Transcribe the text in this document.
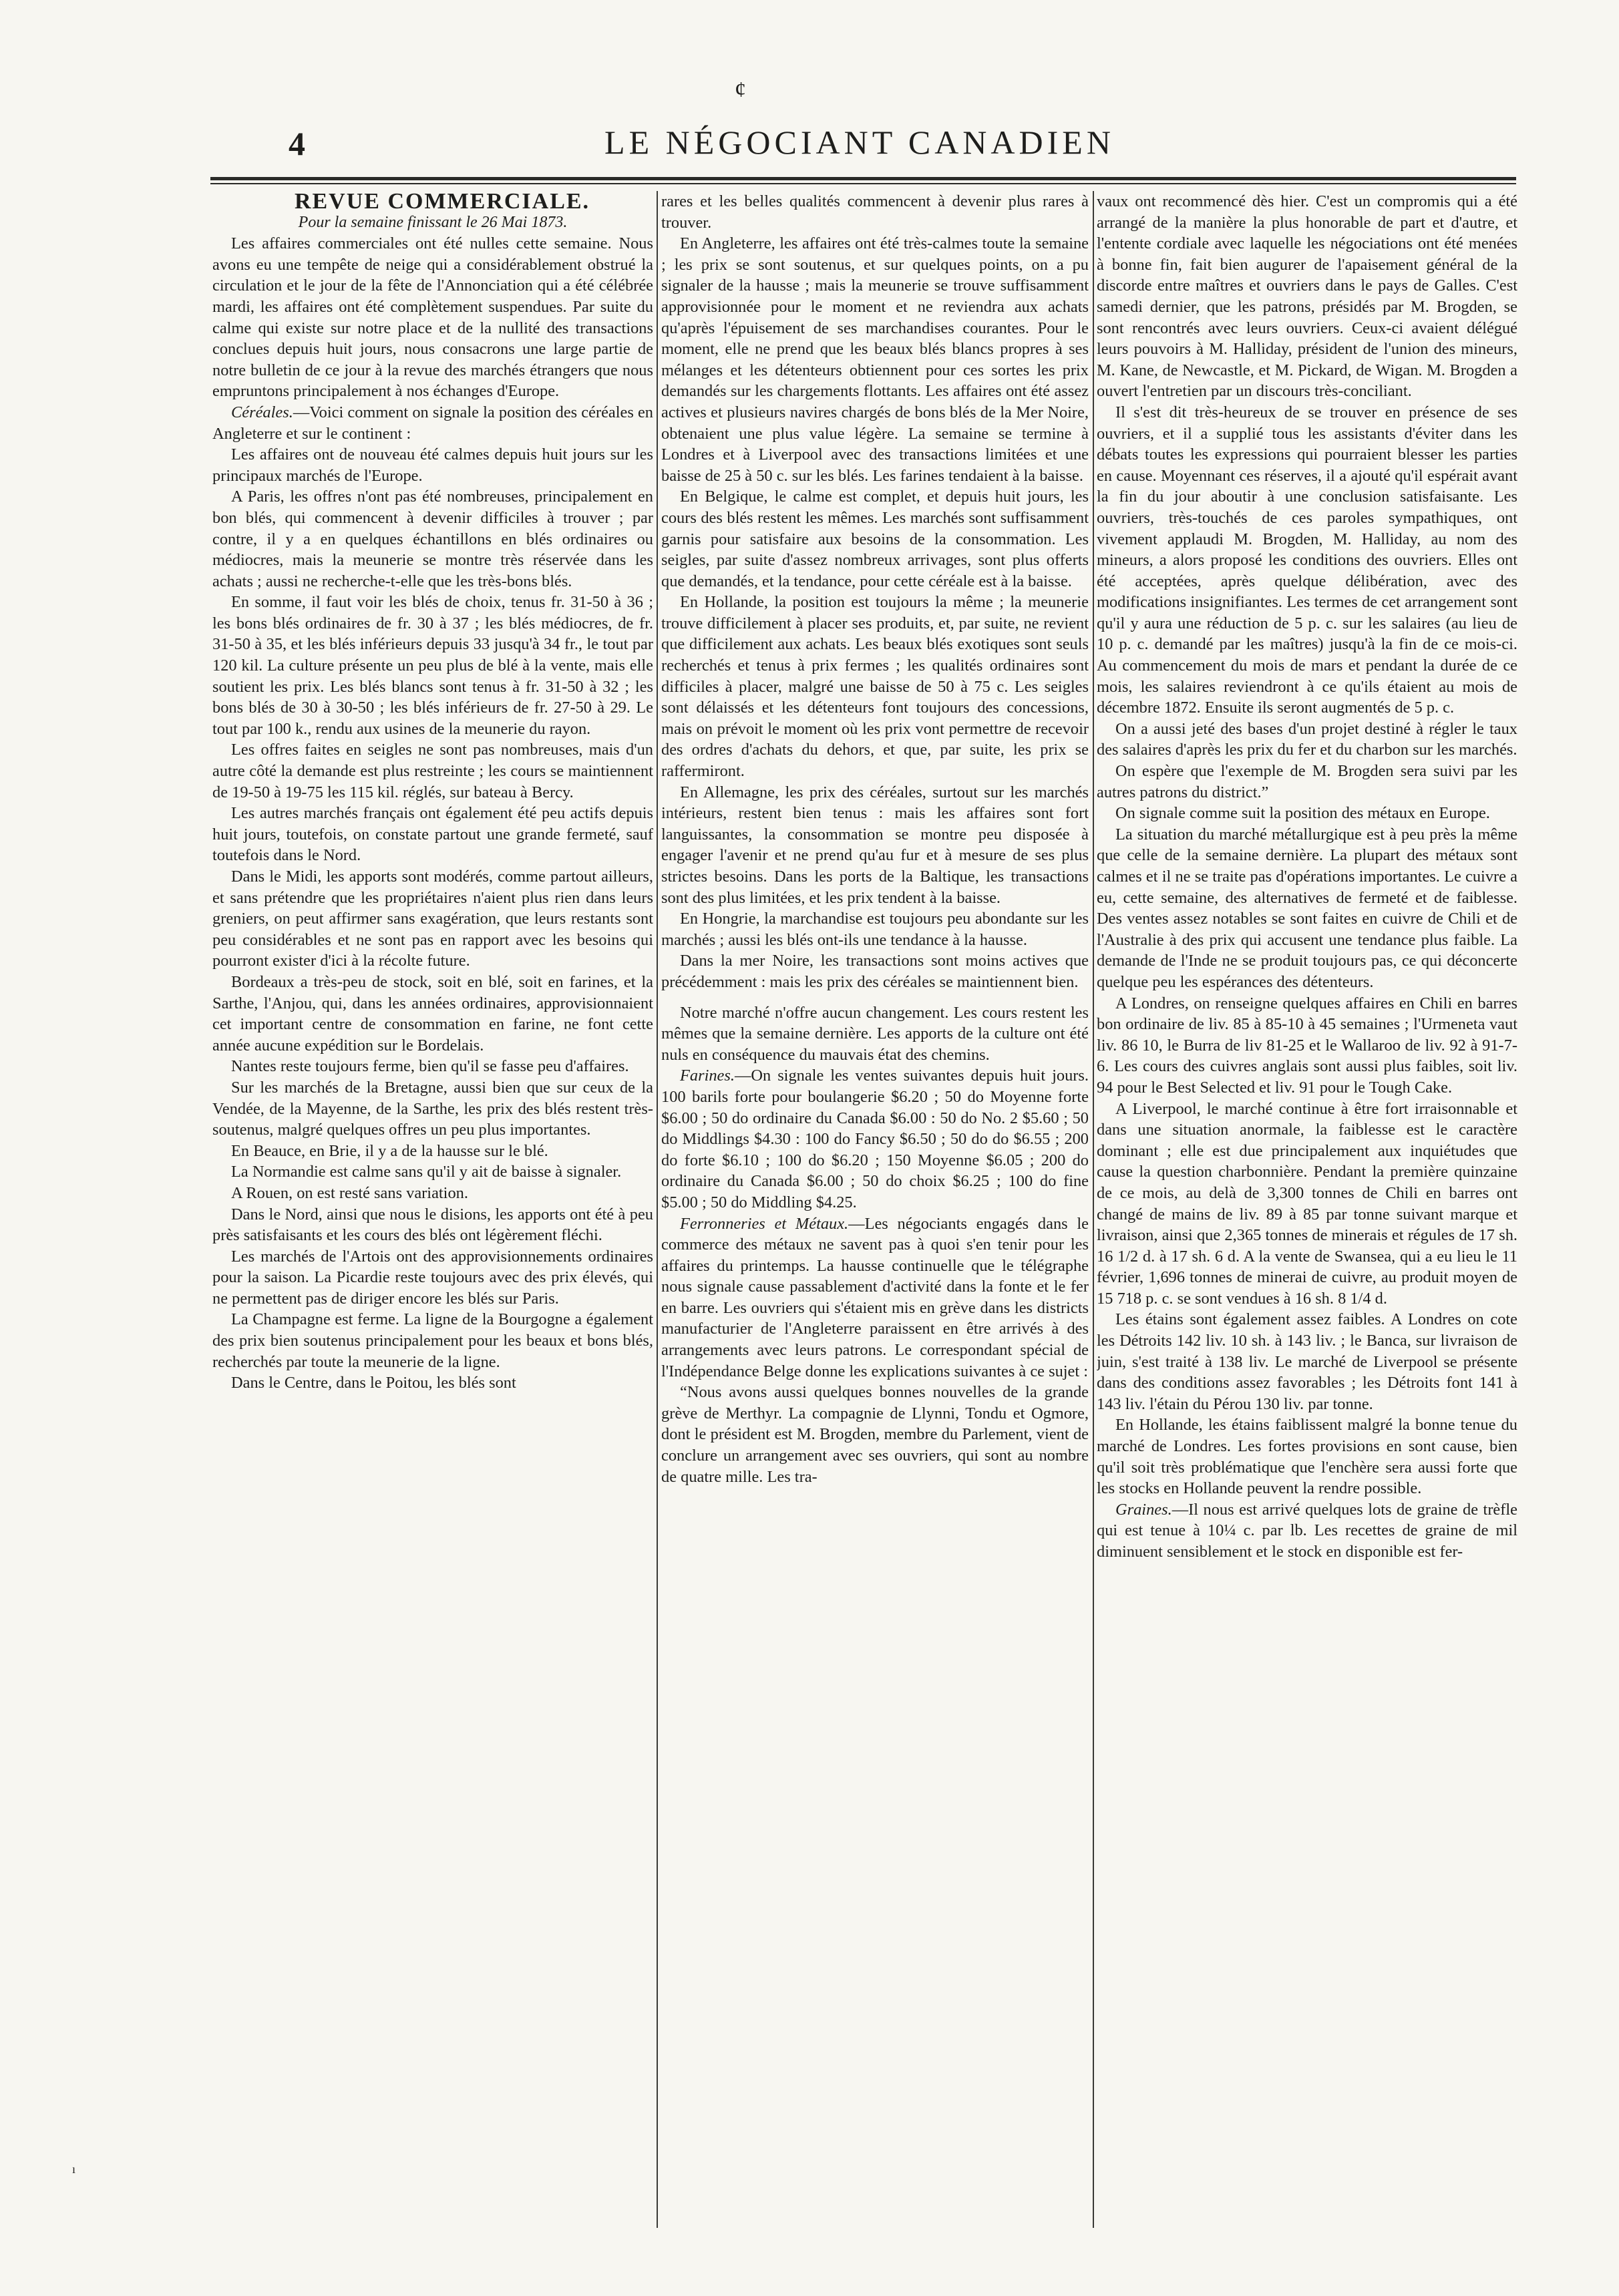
4
¢
LE NÉGOCIANT CANADIEN

REVUE COMMERCIALE.

Pour la semaine finissant le 26 Mai 1873.

Les affaires commerciales ont été nulles cette semaine. Nous avons eu une tempête de neige qui a considérablement obstrué la circulation et le jour de la fête de l'Annonciation qui a été célébrée mardi, les affaires ont été complètement suspendues. Par suite du calme qui existe sur notre place et de la nullité des transactions conclues depuis huit jours, nous consacrons une large partie de notre bulletin de ce jour à la revue des marchés étrangers que nous empruntons principalement à nos échanges d'Europe.

Céréales.—Voici comment on signale la position des céréales en Angleterre et sur le continent :

Les affaires ont de nouveau été calmes depuis huit jours sur les principaux marchés de l'Europe.

A Paris, les offres n'ont pas été nombreuses, principalement en bon blés, qui commencent à devenir difficiles à trouver ; par contre, il y a en quelques échantillons en blés ordinaires ou médiocres, mais la meunerie se montre très réservée dans les achats ; aussi ne recherche-t-elle que les très-bons blés.

En somme, il faut voir les blés de choix, tenus fr. 31-50 à 36 ; les bons blés ordinaires de fr. 30 à 37 ; les blés médiocres, de fr. 31-50 à 35, et les blés inférieurs depuis 33 jusqu'à 34 fr., le tout par 120 kil. La culture présente un peu plus de blé à la vente, mais elle soutient les prix. Les blés blancs sont tenus à fr. 31-50 à 32 ; les bons blés de 30 à 30-50 ; les blés inférieurs de fr. 27-50 à 29. Le tout par 100 k., rendu aux usines de la meunerie du rayon.

Les offres faites en seigles ne sont pas nombreuses, mais d'un autre côté la demande est plus restreinte ; les cours se maintiennent de 19-50 à 19-75 les 115 kil. réglés, sur bateau à Bercy.

Les autres marchés français ont également été peu actifs depuis huit jours, toutefois, on constate partout une grande fermeté, sauf toutefois dans le Nord.

Dans le Midi, les apports sont modérés, comme partout ailleurs, et sans prétendre que les propriétaires n'aient plus rien dans leurs greniers, on peut affirmer sans exagération, que leurs restants sont peu considérables et ne sont pas en rapport avec les besoins qui pourront exister d'ici à la récolte future.

Bordeaux a très-peu de stock, soit en blé, soit en farines, et la Sarthe, l'Anjou, qui, dans les années ordinaires, approvisionnaient cet important centre de consommation en farine, ne font cette année aucune expédition sur le Bordelais.

Nantes reste toujours ferme, bien qu'il se fasse peu d'affaires.

Sur les marchés de la Bretagne, aussi bien que sur ceux de la Vendée, de la Mayenne, de la Sarthe, les prix des blés restent très-soutenus, malgré quelques offres un peu plus importantes.

En Beauce, en Brie, il y a de la hausse sur le blé.

La Normandie est calme sans qu'il y ait de baisse à signaler.

A Rouen, on est resté sans variation.

Dans le Nord, ainsi que nous le disions, les apports ont été à peu près satisfaisants et les cours des blés ont légèrement fléchi.

Les marchés de l'Artois ont des approvisionnements ordinaires pour la saison. La Picardie reste toujours avec des prix élevés, qui ne permettent pas de diriger encore les blés sur Paris.

La Champagne est ferme. La ligne de la Bourgogne a également des prix bien soutenus principalement pour les beaux et bons blés, recherchés par toute la meunerie de la ligne.

Dans le Centre, dans le Poitou, les blés sont

rares et les belles qualités commencent à devenir plus rares à trouver.

En Angleterre, les affaires ont été très-calmes toute la semaine ; les prix se sont soutenus, et sur quelques points, on a pu signaler de la hausse ; mais la meunerie se trouve suffisamment approvisionnée pour le moment et ne reviendra aux achats qu'après l'épuisement de ses marchandises courantes. Pour le moment, elle ne prend que les beaux blés blancs propres à ses mélanges et les détenteurs obtiennent pour ces sortes les prix demandés sur les chargements flottants. Les affaires ont été assez actives et plusieurs navires chargés de bons blés de la Mer Noire, obtenaient une plus value légère. La semaine se termine à Londres et à Liverpool avec des transactions limitées et une baisse de 25 à 50 c. sur les blés. Les farines tendaient à la baisse.

En Belgique, le calme est complet, et depuis huit jours, les cours des blés restent les mêmes. Les marchés sont suffisamment garnis pour satisfaire aux besoins de la consommation. Les seigles, par suite d'assez nombreux arrivages, sont plus offerts que demandés, et la tendance, pour cette céréale est à la baisse.

En Hollande, la position est toujours la même ; la meunerie trouve difficilement à placer ses produits, et, par suite, ne revient que difficilement aux achats. Les beaux blés exotiques sont seuls recherchés et tenus à prix fermes ; les qualités ordinaires sont difficiles à placer, malgré une baisse de 50 à 75 c. Les seigles sont délaissés et les détenteurs font toujours des concessions, mais on prévoit le moment où les prix vont permettre de recevoir des ordres d'achats du dehors, et que, par suite, les prix se raffermiront.

En Allemagne, les prix des céréales, surtout sur les marchés intérieurs, restent bien tenus : mais les affaires sont fort languissantes, la consommation se montre peu disposée à engager l'avenir et ne prend qu'au fur et à mesure de ses plus strictes besoins. Dans les ports de la Baltique, les transactions sont des plus limitées, et les prix tendent à la baisse.

En Hongrie, la marchandise est toujours peu abondante sur les marchés ; aussi les blés ont-ils une tendance à la hausse.

Dans la mer Noire, les transactions sont moins actives que précédemment : mais les prix des céréales se maintiennent bien.

Notre marché n'offre aucun changement. Les cours restent les mêmes que la semaine dernière. Les apports de la culture ont été nuls en conséquence du mauvais état des chemins.

Farines.—On signale les ventes suivantes depuis huit jours. 100 barils forte pour boulangerie $6.20 ; 50 do Moyenne forte $6.00 ; 50 do ordinaire du Canada $6.00 : 50 do No. 2 $5.60 ; 50 do Middlings $4.30 : 100 do Fancy $6.50 ; 50 do do $6.55 ; 200 do forte $6.10 ; 100 do $6.20 ; 150 Moyenne $6.05 ; 200 do ordinaire du Canada $6.00 ; 50 do choix $6.25 ; 100 do fine $5.00 ; 50 do Middling $4.25.

Ferronneries et Métaux.—Les négociants engagés dans le commerce des métaux ne savent pas à quoi s'en tenir pour les affaires du printemps. La hausse continuelle que le télégraphe nous signale cause passablement d'activité dans la fonte et le fer en barre. Les ouvriers qui s'étaient mis en grève dans les districts manufacturier de l'Angleterre paraissent en être arrivés à des arrangements avec leurs patrons. Le correspondant spécial de l'Indépendance Belge donne les explications suivantes à ce sujet :

“Nous avons aussi quelques bonnes nouvelles de la grande grève de Merthyr. La compagnie de Llynni, Tondu et Ogmore, dont le président est M. Brogden, membre du Parlement, vient de conclure un arrangement avec ses ouvriers, qui sont au nombre de quatre mille. Les tra-

vaux ont recommencé dès hier. C'est un compromis qui a été arrangé de la manière la plus honorable de part et d'autre, et l'entente cordiale avec laquelle les négociations ont été menées à bonne fin, fait bien augurer de l'apaisement général de la discorde entre maîtres et ouvriers dans le pays de Galles. C'est samedi dernier, que les patrons, présidés par M. Brogden, se sont rencontrés avec leurs ouvriers. Ceux-ci avaient délégué leurs pouvoirs à M. Halliday, président de l'union des mineurs, M. Kane, de Newcastle, et M. Pickard, de Wigan. M. Brogden a ouvert l'entretien par un discours très-conciliant.

Il s'est dit très-heureux de se trouver en présence de ses ouvriers, et il a supplié tous les assistants d'éviter dans les débats toutes les expressions qui pourraient blesser les parties en cause. Moyennant ces réserves, il a ajouté qu'il espérait avant la fin du jour aboutir à une conclusion satisfaisante. Les ouvriers, très-touchés de ces paroles sympathiques, ont vivement applaudi M. Brogden, M. Halliday, au nom des mineurs, a alors proposé les conditions des ouvriers. Elles ont été acceptées, après quelque délibération, avec des modifications insignifiantes. Les termes de cet arrangement sont qu'il y aura une réduction de 5 p. c. sur les salaires (au lieu de 10 p. c. demandé par les maîtres) jusqu'à la fin de ce mois-ci. Au commencement du mois de mars et pendant la durée de ce mois, les salaires reviendront à ce qu'ils étaient au mois de décembre 1872. Ensuite ils seront augmentés de 5 p. c.

On a aussi jeté des bases d'un projet destiné à régler le taux des salaires d'après les prix du fer et du charbon sur les marchés.

On espère que l'exemple de M. Brogden sera suivi par les autres patrons du district.”

On signale comme suit la position des métaux en Europe.

La situation du marché métallurgique est à peu près la même que celle de la semaine dernière. La plupart des métaux sont calmes et il ne se traite pas d'opérations importantes. Le cuivre a eu, cette semaine, des alternatives de fermeté et de faiblesse. Des ventes assez notables se sont faites en cuivre de Chili et de l'Australie à des prix qui accusent une tendance plus faible. La demande de l'Inde ne se produit toujours pas, ce qui déconcerte quelque peu les espérances des détenteurs.

A Londres, on renseigne quelques affaires en Chili en barres bon ordinaire de liv. 85 à 85-10 à 45 semaines ; l'Urmeneta vaut liv. 86 10, le Burra de liv 81-25 et le Wallaroo de liv. 92 à 91-7-6. Les cours des cuivres anglais sont aussi plus faibles, soit liv. 94 pour le Best Selected et liv. 91 pour le Tough Cake.

A Liverpool, le marché continue à être fort irraisonnable et dans une situation anormale, la faiblesse est le caractère dominant ; elle est due principalement aux inquiétudes que cause la question charbonnière. Pendant la première quinzaine de ce mois, au delà de 3,300 tonnes de Chili en barres ont changé de mains de liv. 89 à 85 par tonne suivant marque et livraison, ainsi que 2,365 tonnes de minerais et régules de 17 sh. 16 1/2 d. à 17 sh. 6 d. A la vente de Swansea, qui a eu lieu le 11 février, 1,696 tonnes de minerai de cuivre, au produit moyen de 15 718 p. c. se sont vendues à 16 sh. 8 1/4 d.

Les étains sont également assez faibles. A Londres on cote les Détroits 142 liv. 10 sh. à 143 liv. ; le Banca, sur livraison de juin, s'est traité à 138 liv. Le marché de Liverpool se présente dans des conditions assez favorables ; les Détroits font 141 à 143 liv. l'étain du Pérou 130 liv. par tonne.

En Hollande, les étains faiblissent malgré la bonne tenue du marché de Londres. Les fortes provisions en sont cause, bien qu'il soit très problématique que l'enchère sera aussi forte que les stocks en Hollande peuvent la rendre possible.

Graines.—Il nous est arrivé quelques lots de graine de trèfle qui est tenue à 10¼ c. par lb. Les recettes de graine de mil diminuent sensiblement et le stock en disponible est fer-

ı
